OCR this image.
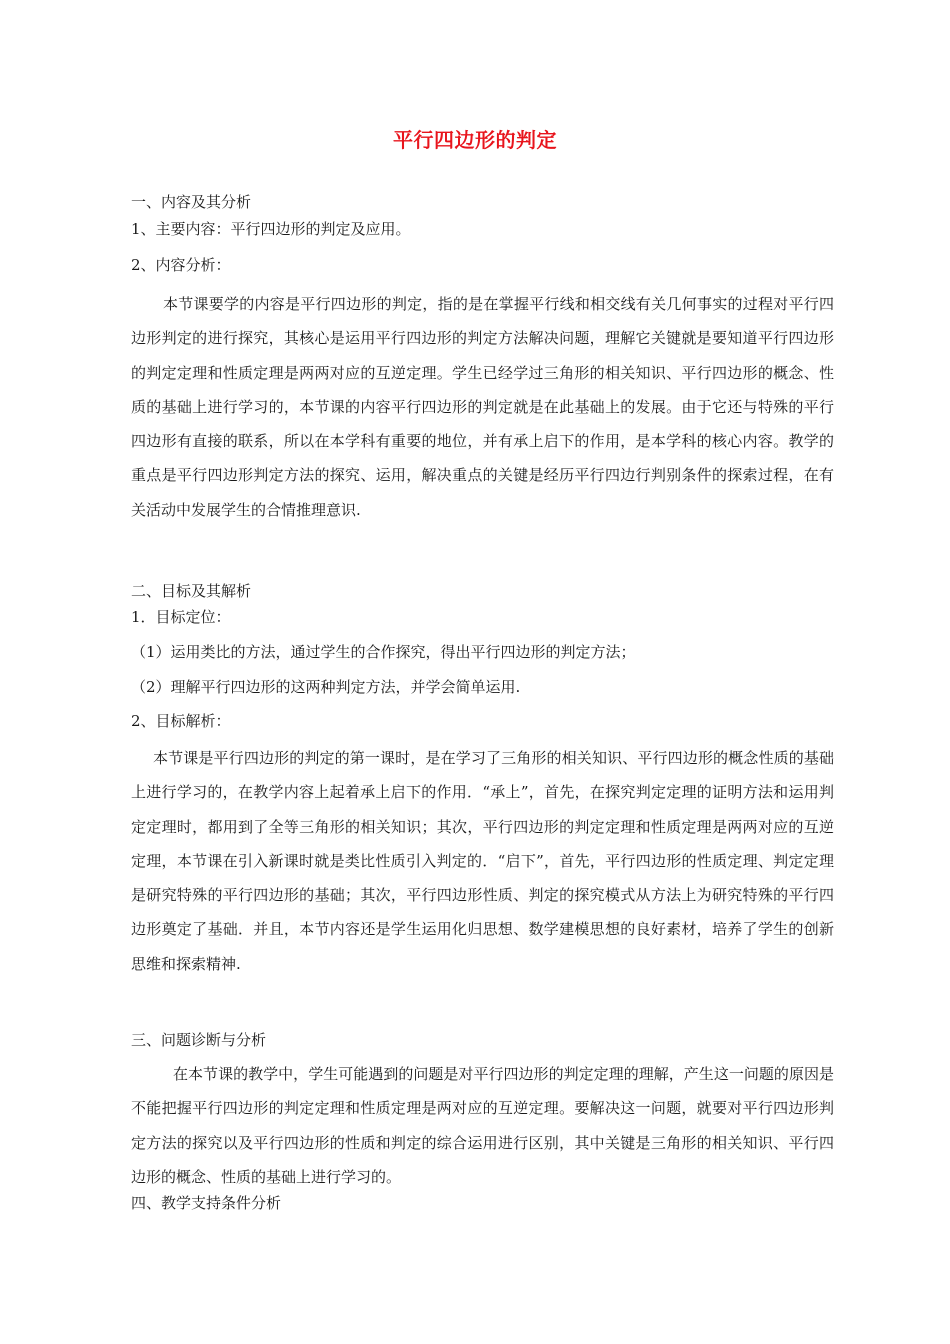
平行四边形的判定
一、内容及其分析
1、主要内容：平行四边形的判定及应用。
2、内容分析：
本节课要学的内容是平行四边形的判定，指的是在掌握平行线和相交线有关几何事实的过程对平行四边形判定的进行探究，其核心是运用平行四边形的判定方法解决问题，理解它关键就是要知道平行四边形的判定定理和性质定理是两两对应的互逆定理。学生已经学过三角形的相关知识、平行四边形的概念、性质的基础上进行学习的，本节课的内容平行四边形的判定就是在此基础上的发展。由于它还与特殊的平行四边形有直接的联系，所以在本学科有重要的地位，并有承上启下的作用，是本学科的核心内容。教学的重点是平行四边形判定方法的探究、运用，解决重点的关键是经历平行四边行判别条件的探索过程，在有关活动中发展学生的合情推理意识.
二、目标及其解析
1．目标定位：
（1）运用类比的方法，通过学生的合作探究，得出平行四边形的判定方法；
（2）理解平行四边形的这两种判定方法，并学会简单运用.
2、目标解析：
本节课是平行四边形的判定的第一课时，是在学习了三角形的相关知识、平行四边形的概念性质的基础上进行学习的，在教学内容上起着承上启下的作用．“承上”，首先，在探究判定定理的证明方法和运用判定定理时，都用到了全等三角形的相关知识；其次，平行四边形的判定定理和性质定理是两两对应的互逆定理，本节课在引入新课时就是类比性质引入判定的．“启下”，首先，平行四边形的性质定理、判定定理是研究特殊的平行四边形的基础；其次，平行四边形性质、判定的探究模式从方法上为研究特殊的平行四边形奠定了基础．并且，本节内容还是学生运用化归思想、数学建模思想的良好素材，培养了学生的创新思维和探索精神.
三、问题诊断与分析
在本节课的教学中，学生可能遇到的问题是对平行四边形的判定定理的理解，产生这一问题的原因是不能把握平行四边形的判定定理和性质定理是两对应的互逆定理。要解决这一问题，就要对平行四边形判定方法的探究以及平行四边形的性质和判定的综合运用进行区别，其中关键是三角形的相关知识、平行四边形的概念、性质的基础上进行学习的。
四、教学支持条件分析
